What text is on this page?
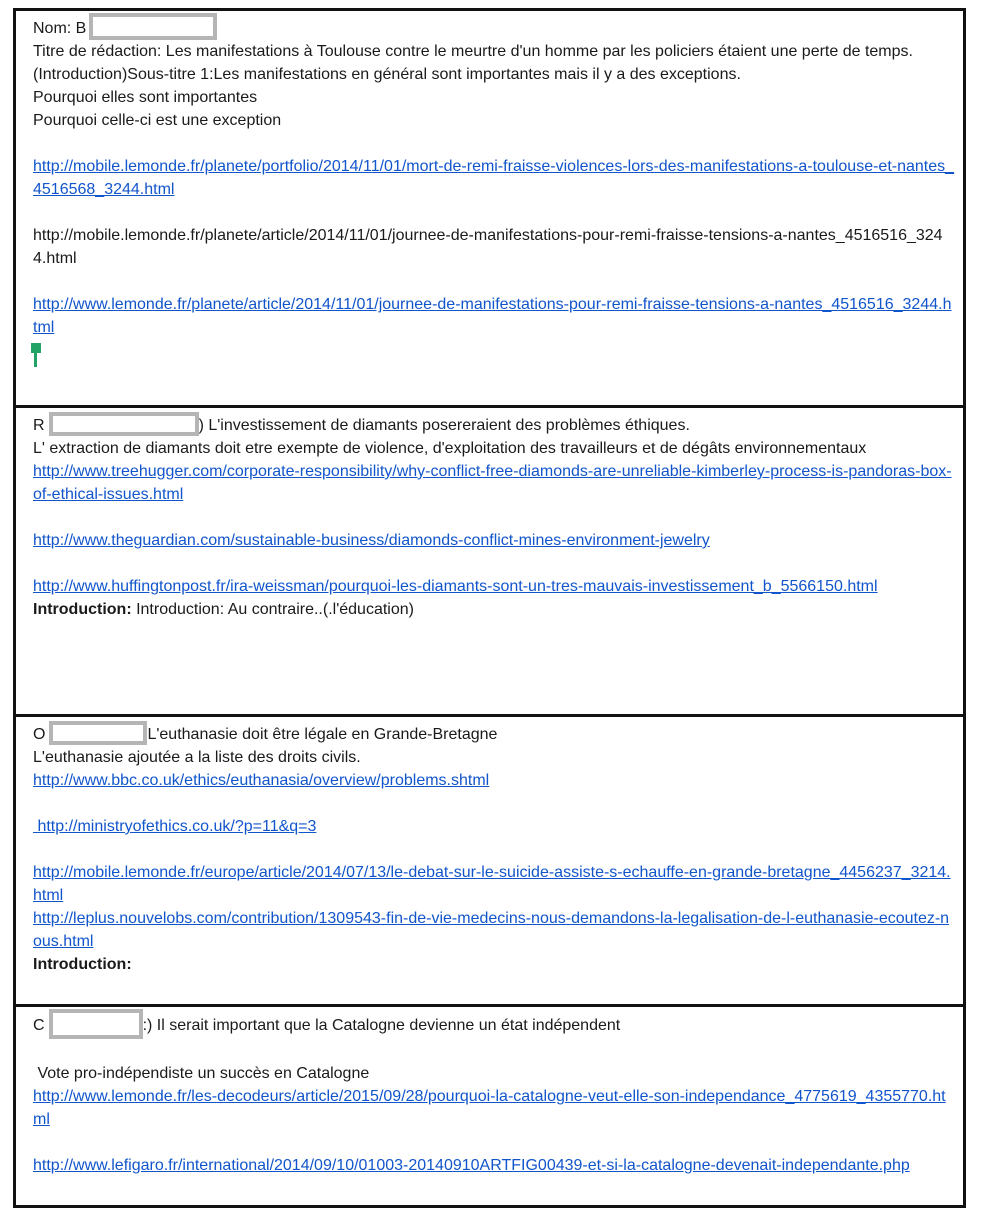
Nom: B

Titre de rédaction: Les manifestations à Toulouse contre le meurtre d'un homme par les policiers étaient une perte de temps.

(Introduction)Sous-titre 1:Les manifestations en général sont importantes mais il y a des exceptions.

Pourquoi elles sont importantes

Pourquoi celle-ci est une exception

http://mobile.lemonde.fr/planete/portfolio/2014/11/01/mort-de-remi-fraisse-violences-lors-des-manifestations-a-toulouse-et-nantes_4516568_3244.html

http://mobile.lemonde.fr/planete/article/2014/11/01/journee-de-manifestations-pour-remi-fraisse-tensions-a-nantes_4516516_3244.html

http://www.lemonde.fr/planete/article/2014/11/01/journee-de-manifestations-pour-remi-fraisse-tensions-a-nantes_4516516_3244.html

R	) L'investissement de diamants posereraient des problèmes éthiques.

L' extraction de diamants doit etre exempte de violence, d'exploitation des travailleurs et de dégâts environnementaux

http://www.treehugger.com/corporate-responsibility/why-conflict-free-diamonds-are-unreliable-kimberley-process-is-pandoras-box-of-ethical-issues.html

http://www.theguardian.com/sustainable-business/diamonds-conflict-mines-environment-jewelry

http://www.huffingtonpost.fr/ira-weissman/pourquoi-les-diamants-sont-un-tres-mauvais-investissement_b_5566150.html

Introduction: Introduction: Au contraire..(.l'éducation)

O	L'euthanasie doit être légale en Grande-Bretagne

L'euthanasie ajoutée a la liste des droits civils.

http://www.bbc.co.uk/ethics/euthanasia/overview/problems.shtml

http://ministryofethics.co.uk/?p=11&q=3

http://mobile.lemonde.fr/europe/article/2014/07/13/le-debat-sur-le-suicide-assiste-s-echauffe-en-grande-bretagne_4456237_3214.html

http://leplus.nouvelobs.com/contribution/1309543-fin-de-vie-medecins-nous-demandons-la-legalisation-de-l-euthanasie-ecoutez-nous.html

Introduction:

C	:) Il serait important que la Catalogne devienne un état indépendent

Vote pro-indépendiste un succès en Catalogne

http://www.lemonde.fr/les-decodeurs/article/2015/09/28/pourquoi-la-catalogne-veut-elle-son-independance_4775619_4355770.html

http://www.lefigaro.fr/international/2014/09/10/01003-20140910ARTFIG00439-et-si-la-catalogne-devenait-independante.php
